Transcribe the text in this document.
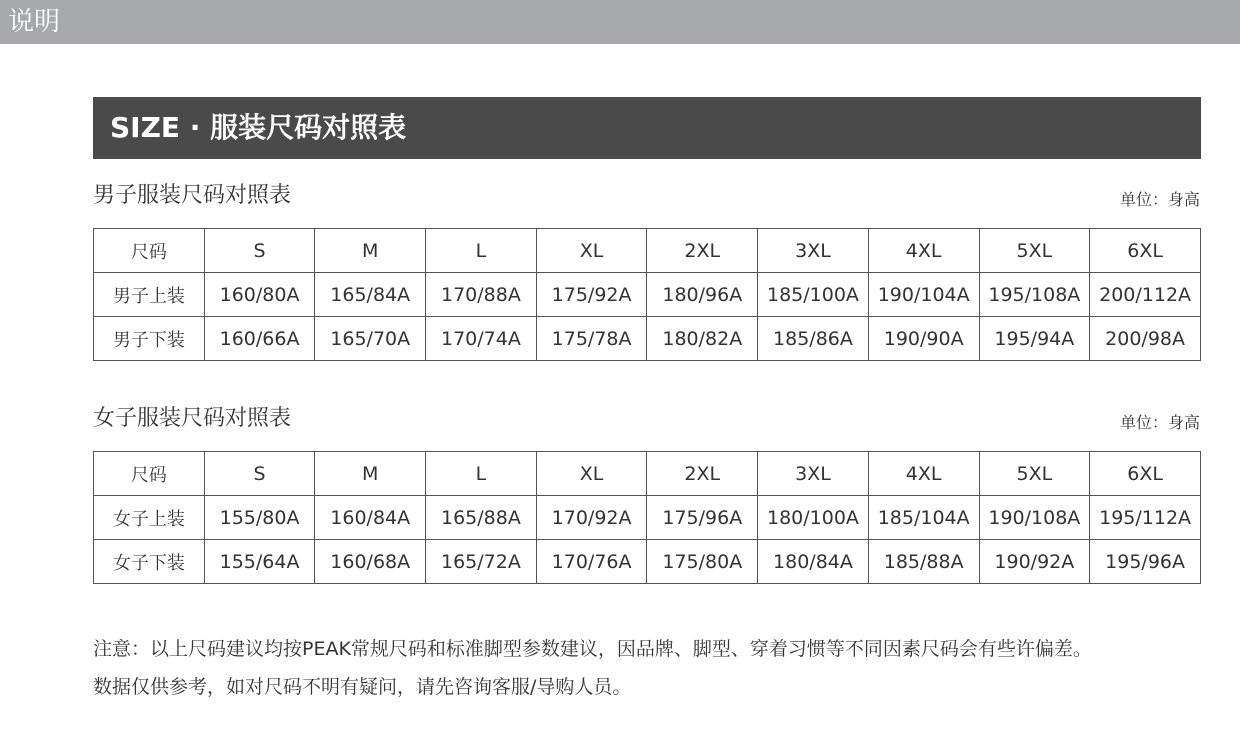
说明
SIZE · 服装尺码对照表
男子服装尺码对照表	单位：身高
尺码	S	M	L	XL	2XL	3XL	4XL	5XL	6XL
男子上装	160/80A	165/84A	170/88A	175/92A	180/96A	185/100A	190/104A	195/108A	200/112A
男子下装	160/66A	165/70A	170/74A	175/78A	180/82A	185/86A	190/90A	195/94A	200/98A
女子服装尺码对照表	单位：身高
尺码	S	M	L	XL	2XL	3XL	4XL	5XL	6XL
女子上装	155/80A	160/84A	165/88A	170/92A	175/96A	180/100A	185/104A	190/108A	195/112A
女子下装	155/64A	160/68A	165/72A	170/76A	175/80A	180/84A	185/88A	190/92A	195/96A
注意：以上尺码建议均按PEAK常规尺码和标准脚型参数建议，因品牌、脚型、穿着习惯等不同因素尺码会有些许偏差。
数据仅供参考，如对尺码不明有疑问，请先咨询客服/导购人员。
